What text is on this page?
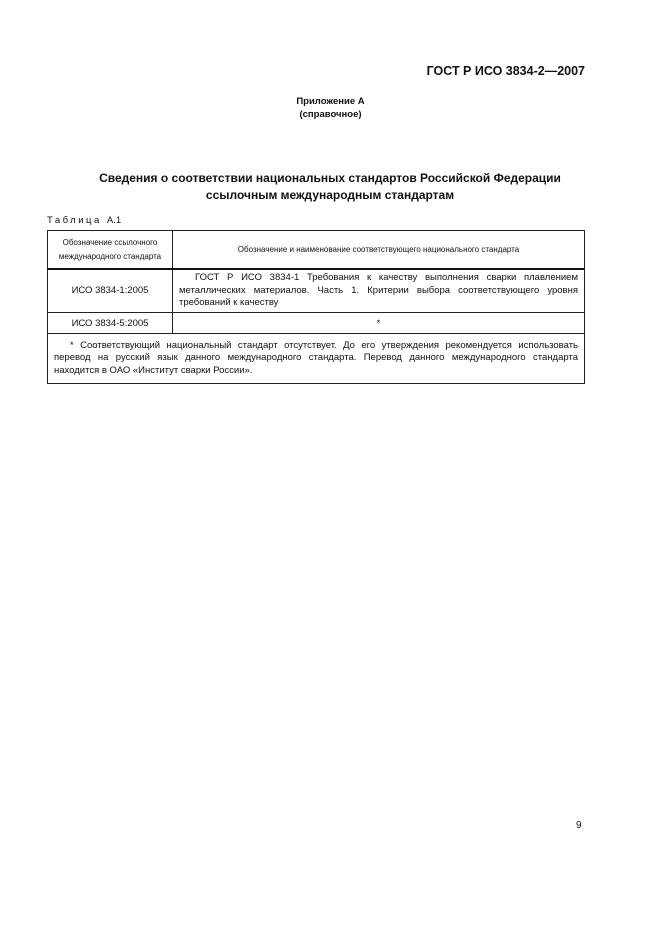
ГОСТ Р ИСО 3834-2—2007
Приложение А
(справочное)
Сведения о соответствии национальных стандартов Российской Федерации
ссылочным международным стандартам
Таблица А.1
Обозначение ссылочного международного стандарта	Обозначение и наименование соответствующего национального стандарта
ИСО 3834-1:2005	ГОСТ Р ИСО 3834-1 Требования к качеству выполнения сварки плавлением металлических материалов. Часть 1. Критерии выбора соответствующего уровня требований к качеству
ИСО 3834-5:2005	*
* Соответствующий национальный стандарт отсутствует. До его утверждения рекомендуется использовать перевод на русский язык данного международного стандарта. Перевод данного международного стандарта находится в ОАО «Институт сварки России».	
9
